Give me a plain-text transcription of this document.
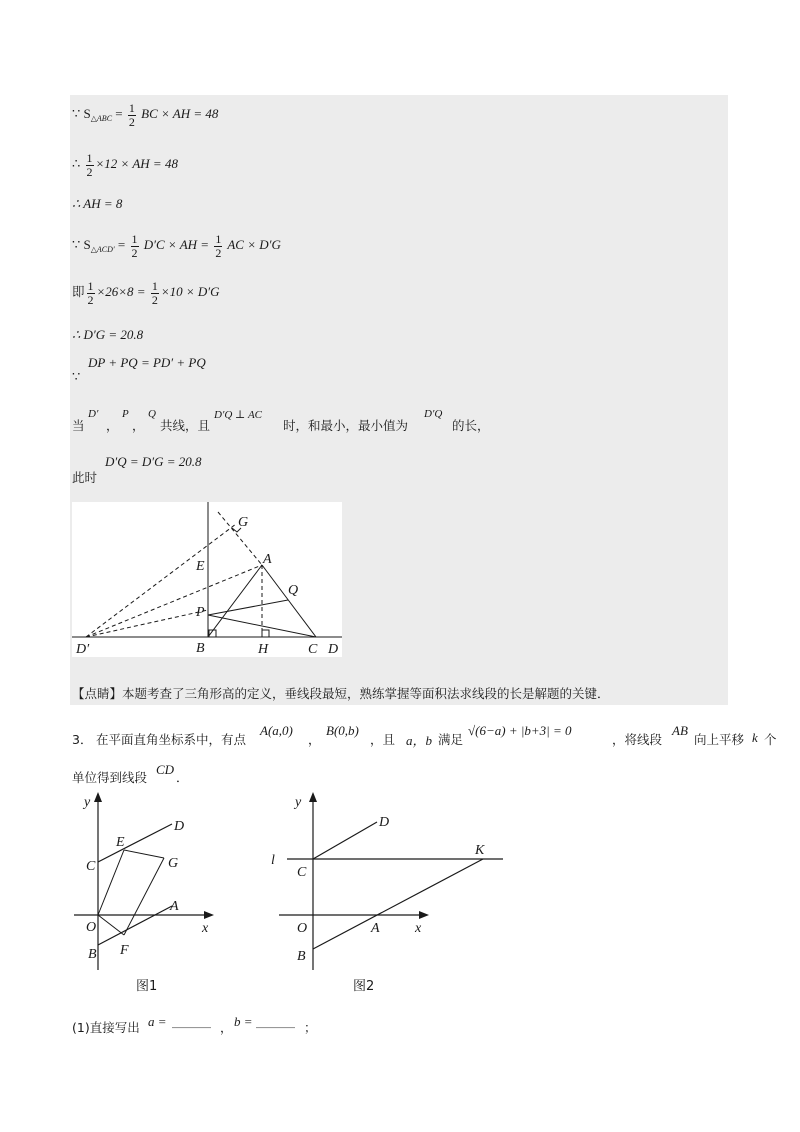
∵ $S_{\triangle ABC} = \frac{1}{2}$ BC × AH = 48
∴ $\frac{1}{2} \times 12$ × AH = 48
∴ AH = 8
∵ $S_{\triangle ACD'} = \frac{1}{2} D'C$ × AH = $\frac{1}{2}$ AC × D′G
即 $\frac{1}{2} \times 26\times 8 = \frac{1}{2} \times 10 \times D'G$
∴ D′G = 20.8
DP + PQ = PD′ + PQ
∵
当
D′
，
P
，
Q
共线，且
D′Q ⊥ AC
时，和最小，最小值为
D′Q
的长，
D′Q = D′G = 20.8
此时
G
A
E
Q
P
D′	B	H	C D
【点睛】本题考查了三角形高的定义，垂线段最短，熟练掌握等面积法求线段的长是解题的关键．
3． 在平面直角坐标系中，有点
A(a,0)
，
B(0,b)
，且 a，b 满足
√(6−a) + |b+3| = 0
，将线段
AB
向上平移 k 个
单位得到线段
CD
．
y
x
O
A
B
C
D
E
F
G
图1
y
x
O	A
B
C
D
K
l
图2
(1)直接写出 a = ______ ， b = ______ ；
